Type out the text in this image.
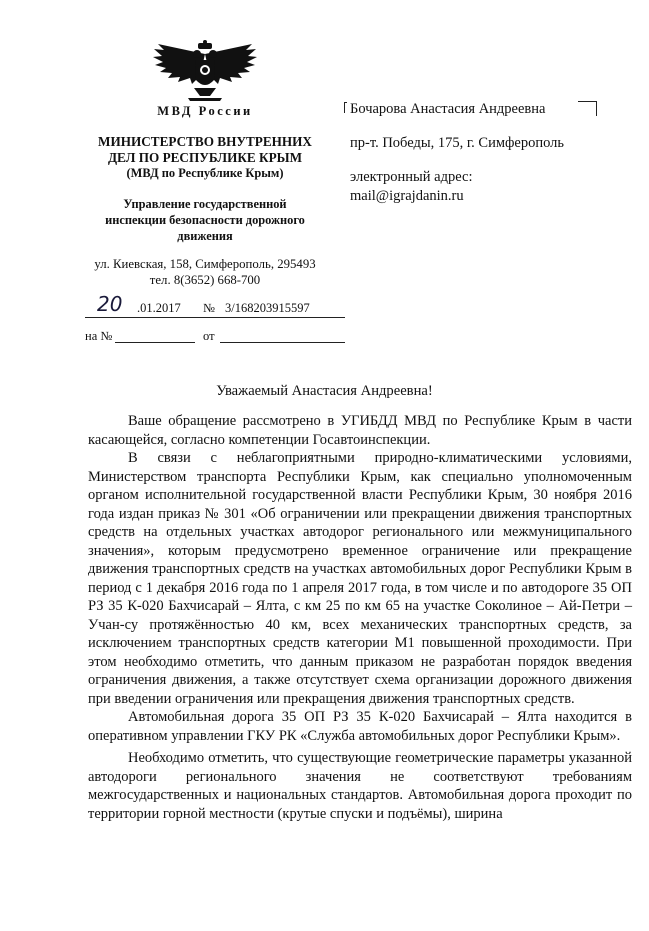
МВД России
МИНИСТЕРСТВО ВНУТРЕННИХ
ДЕЛ ПО РЕСПУБЛИКЕ КРЫМ
(МВД по Республике Крым)
Управление государственной
инспекции безопасности дорожного
движения
ул. Киевская, 158, Симферополь, 295493
тел. 8(3652) 668-700
20 .01.2017 № 3/168203915597
на №	от
Бочарова Анастасия Андреевна
пр-т. Победы, 175, г. Симферополь
электронный адрес:
mail@igrajdanin.ru
Уважаемый Анастасия Андреевна!

Ваше обращение рассмотрено в УГИБДД МВД по Республике Крым в части касающейся, согласно компетенции Госавтоинспекции.

В связи с неблагоприятными природно-климатическими условиями, Министерством транспорта Республики Крым, как специально уполномоченным органом исполнительной государственной власти Республики Крым, 30 ноября 2016 года издан приказ № 301 «Об ограничении или прекращении движения транспортных средств на отдельных участках автодорог регионального или межмуниципального значения», которым предусмотрено временное ограничение или прекращение движения транспортных средств на участках автомобильных дорог Республики Крым в период с 1 декабря 2016 года по 1 апреля 2017 года, в том числе и по автодороге 35 ОП РЗ 35 К-020 Бахчисарай – Ялта, с км 25 по км 65 на участке Соколиное – Ай-Петри – Учан-су протяжённостью 40 км, всех механических транспортных средств, за исключением транспортных средств категории М1 повышенной проходимости. При этом необходимо отметить, что данным приказом не разработан порядок введения ограничения движения, а также отсутствует схема организации дорожного движения при введении ограничения или прекращения движения транспортных средств.

Автомобильная дорога 35 ОП РЗ 35 К-020 Бахчисарай – Ялта находится в оперативном управлении ГКУ РК «Служба автомобильных дорог Республики Крым».

Необходимо отметить, что существующие геометрические параметры указанной автодороги регионального значения не соответствуют требованиям межгосударственных и национальных стандартов. Автомобильная дорога проходит по территории горной местности (крутые спуски и подъёмы), ширина
